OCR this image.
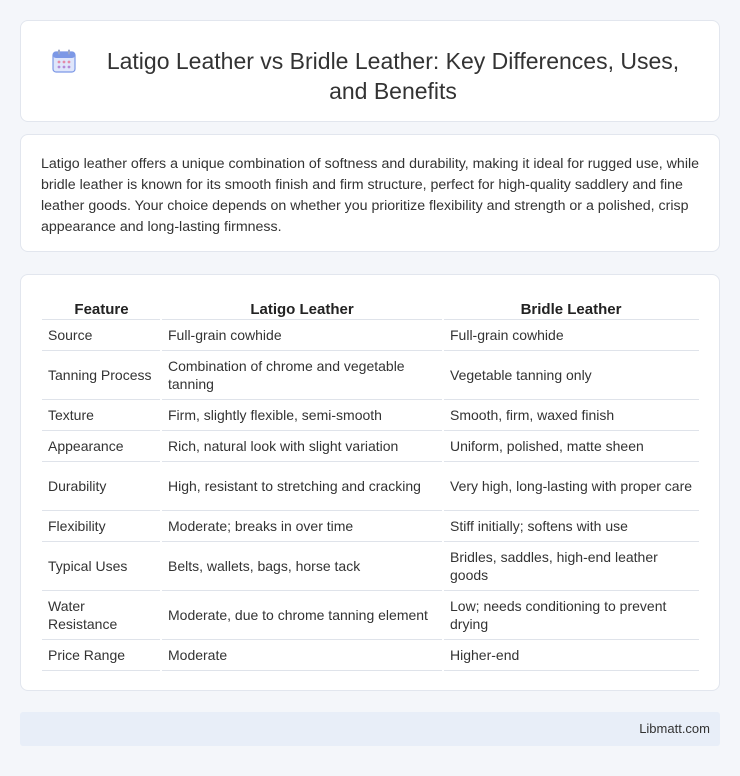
Latigo Leather vs Bridle Leather: Key Differences, Uses, and Benefits

Latigo leather offers a unique combination of softness and durability, making it ideal for rugged use, while bridle leather is known for its smooth finish and firm structure, perfect for high-quality saddlery and fine leather goods. Your choice depends on whether you prioritize flexibility and strength or a polished, crisp appearance and long-lasting firmness.

Feature	Latigo Leather	Bridle Leather
Source	Full-grain cowhide	Full-grain cowhide
Tanning Process	Combination of chrome and vegetable tanning	Vegetable tanning only
Texture	Firm, slightly flexible, semi-smooth	Smooth, firm, waxed finish
Appearance	Rich, natural look with slight variation	Uniform, polished, matte sheen
Durability	High, resistant to stretching and cracking	Very high, long-lasting with proper care
Flexibility	Moderate; breaks in over time	Stiff initially; softens with use
Typical Uses	Belts, wallets, bags, horse tack	Bridles, saddles, high-end leather goods
Water Resistance	Moderate, due to chrome tanning element	Low; needs conditioning to prevent drying
Price Range	Moderate	Higher-end
Libmatt.com
